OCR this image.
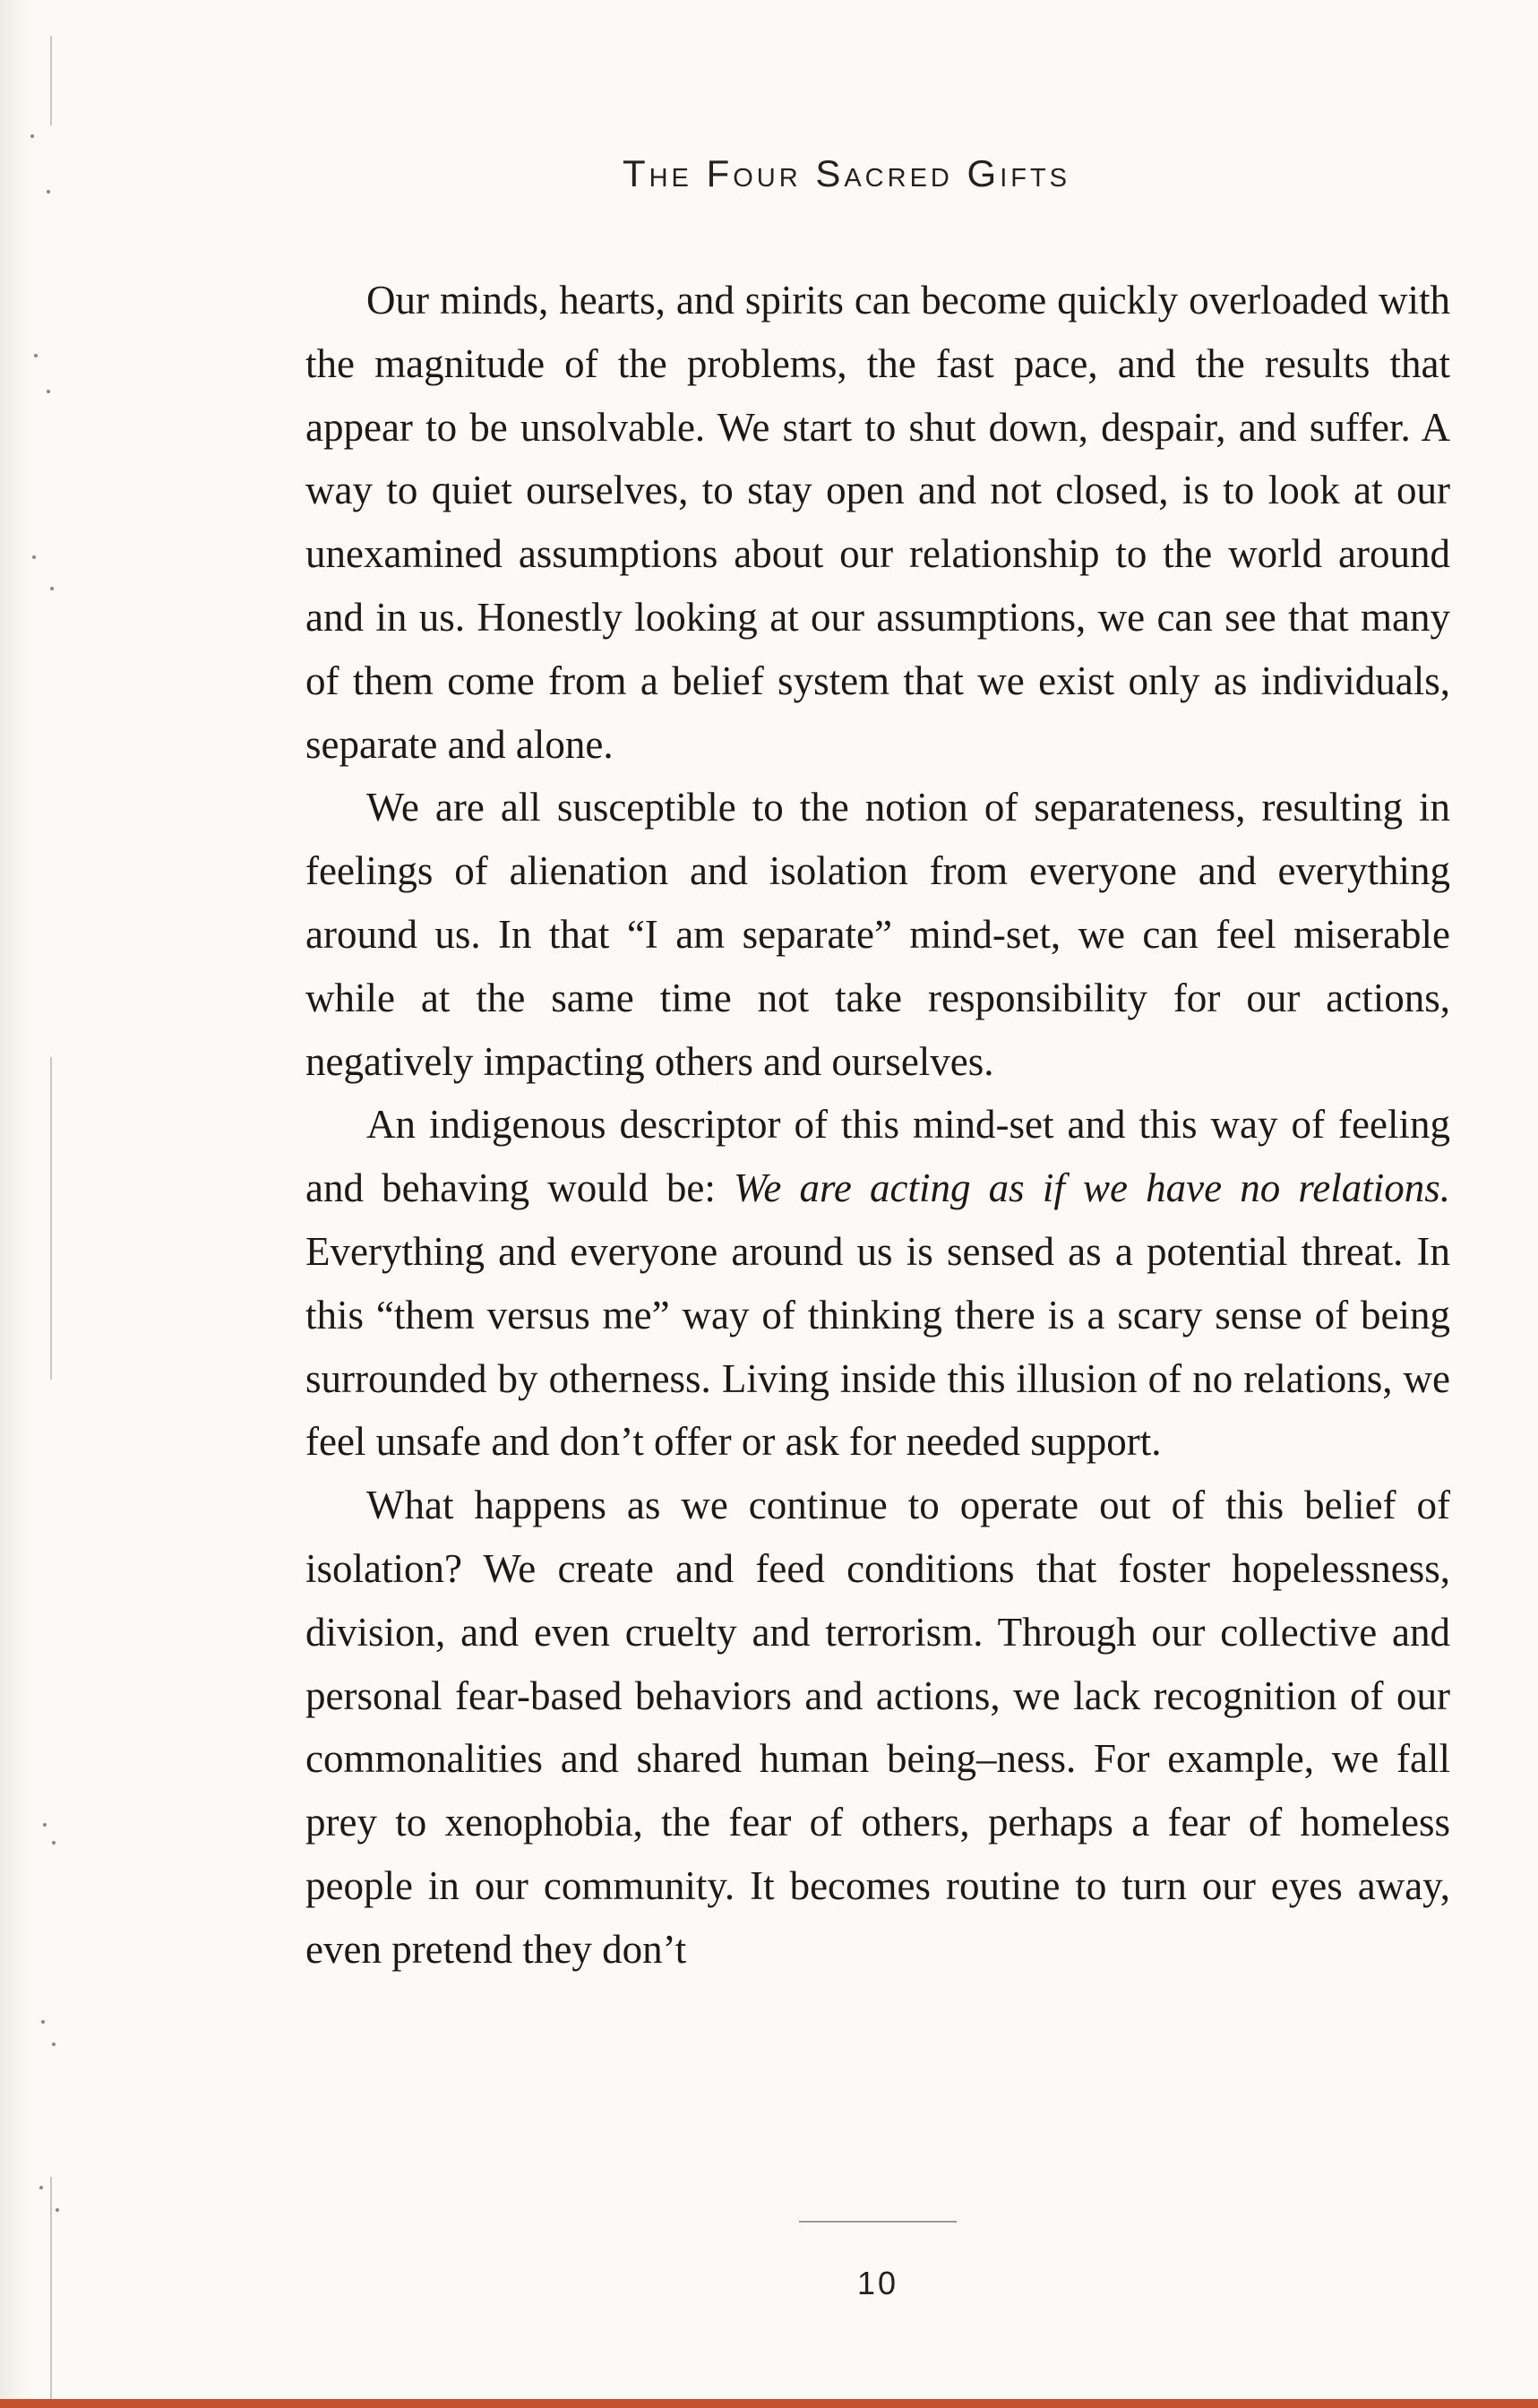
The Four Sacred Gifts

Our minds, hearts, and spirits can become quickly overloaded with the magnitude of the problems, the fast pace, and the results that appear to be unsolvable. We start to shut down, despair, and suffer. A way to quiet ourselves, to stay open and not closed, is to look at our unexamined assumptions about our relationship to the world around and in us. Honestly looking at our assumptions, we can see that many of them come from a belief system that we exist only as individuals, separate and alone.

We are all susceptible to the notion of separateness, resulting in feelings of alienation and isolation from everyone and everything around us. In that “I am separate” mind-set, we can feel miserable while at the same time not take responsibility for our actions, negatively impacting others and ourselves.

An indigenous descriptor of this mind-set and this way of feeling and behaving would be: We are acting as if we have no relations. Everything and everyone around us is sensed as a potential threat. In this “them versus me” way of thinking there is a scary sense of being surrounded by otherness. Living inside this illusion of no relations, we feel unsafe and don’t offer or ask for needed support.

What happens as we continue to operate out of this belief of isolation? We create and feed conditions that foster hopelessness, division, and even cruelty and terrorism. Through our collective and personal fear-based behaviors and actions, we lack recognition of our commonalities and shared human being–ness. For example, we fall prey to xenophobia, the fear of others, perhaps a fear of homeless people in our community. It becomes routine to turn our eyes away, even pretend they don’t

10
